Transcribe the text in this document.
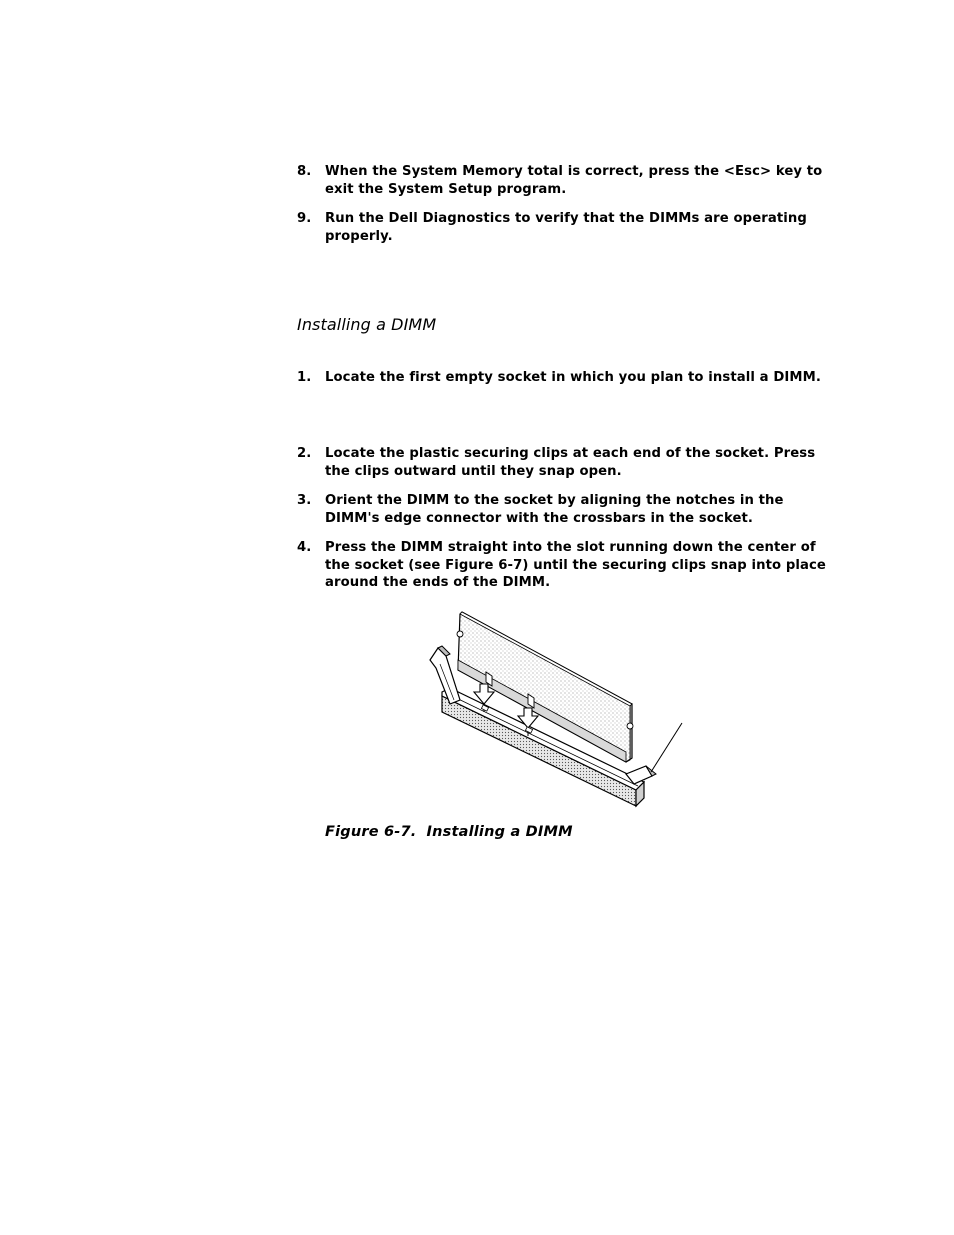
8.	When the System Memory total is correct, press the <Esc> key to exit the System Setup program.
9.	Run the Dell Diagnostics to verify that the DIMMs are operating properly.
Installing a DIMM
1.	Locate the first empty socket in which you plan to install a DIMM.
2.	Locate the plastic securing clips at each end of the socket. Press the clips outward until they snap open.
3.	Orient the DIMM to the socket by aligning the notches in the DIMM's edge connector with the crossbars in the socket.
4.	Press the DIMM straight into the slot running down the center of the socket (see Figure 6-7) until the securing clips snap into place around the ends of the DIMM.
Figure 6-7. Installing a DIMM
